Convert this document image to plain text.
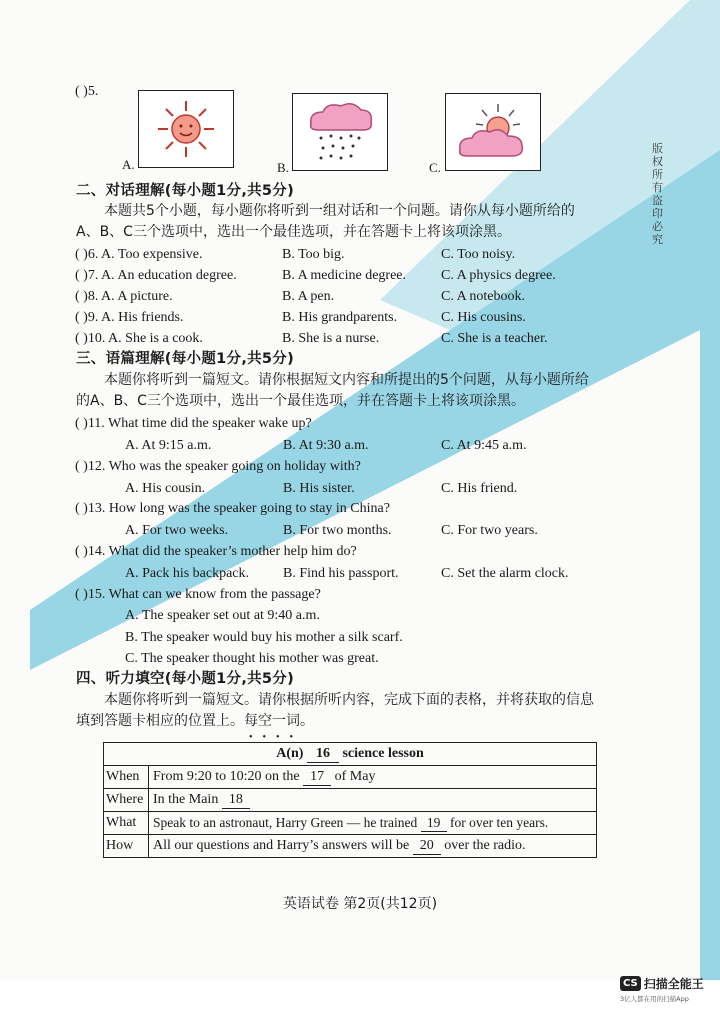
( )5.
A.	B.	C.
二、对话理解(每小题1分,共5分)
本题共5个小题，每小题你将听到一组对话和一个问题。请你从每小题所给的
A、B、C三个选项中，选出一个最佳选项，并在答题卡上将该项涂黑。
( )6. A. Too expensive.	B. Too big.	C. Too noisy.
( )7. A. An education degree.	B. A medicine degree. C. A physics degree.
( )8. A. A picture.	B. A pen.	C. A notebook.
( )9. A. His friends.	B. His grandparents.	C. His cousins.
( )10. A. She is a cook.	B. She is a nurse.	C. She is a teacher.
三、语篇理解(每小题1分,共5分)
本题你将听到一篇短文。请你根据短文内容和所提出的5个问题，从每小题所给
的A、B、C三个选项中，选出一个最佳选项，并在答题卡上将该项涂黑。
( )11. What time did the speaker wake up?
A. At 9:15 a.m.	B. At 9:30 a.m.	C. At 9:45 a.m.
( )12. Who was the speaker going on holiday with?
A. His cousin.	B. His sister.	C. His friend.
( )13. How long was the speaker going to stay in China?
A. For two weeks.	B. For two months.	C. For two years.
( )14. What did the speaker’s mother help him do?
A. Pack his backpack. B. Find his passport.	C. Set the alarm clock.
( )15. What can we know from the passage?
A. The speaker set out at 9:40 a.m.
B. The speaker would buy his mother a silk scarf.
C. The speaker thought his mother was great.
四、听力填空(每小题1分,共5分)
本题你将听到一篇短文。请你根据所听内容，完成下面的表格，并将获取的信息
填到答题卡相应的位置上。每空一词。
••••
A(n) 16 science lesson	
When	From 9:20 to 10:20 on the 17 of May
Where	In the Main 18
What	Speak to an astronaut, Harry Green — he trained 19 for over ten years.
How	All our questions and Harry’s answers will be 20 over the radio.
版权所有 盗印必究
英语试卷 第2页(共12页)
CS 扫描全能王
3亿人都在用的扫描App
